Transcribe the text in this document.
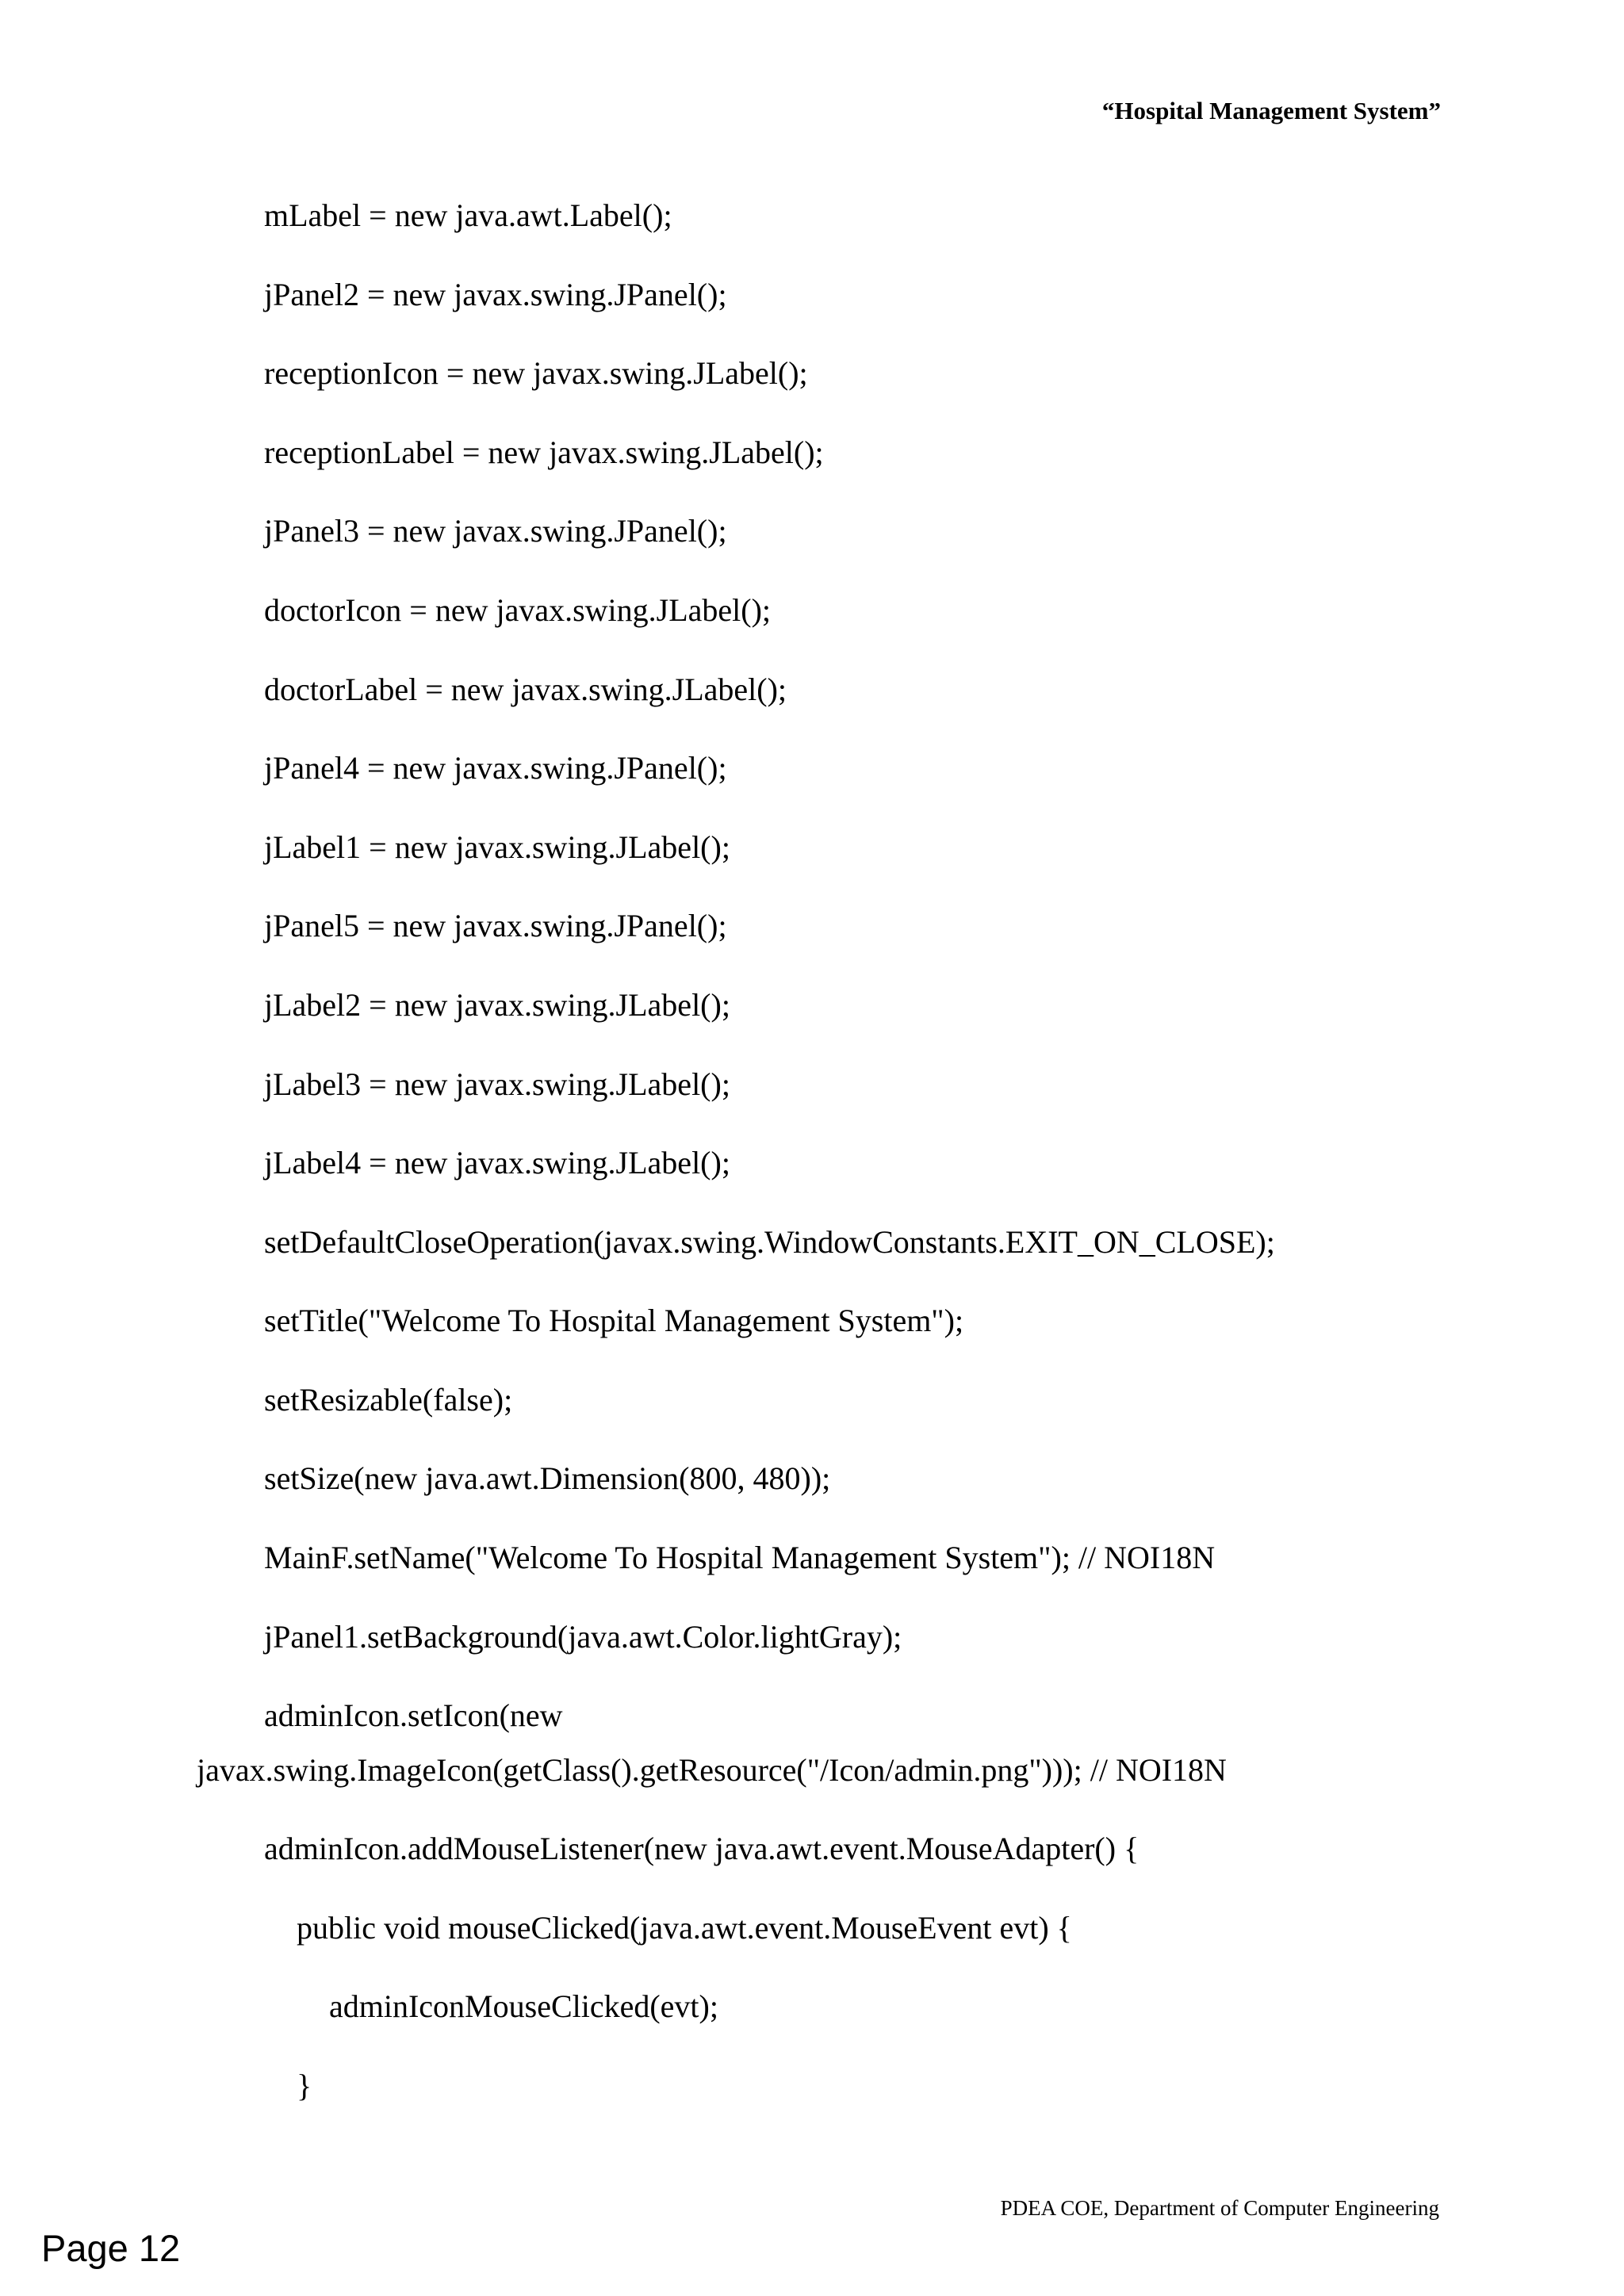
“Hospital Management System”
mLabel = new java.awt.Label();
jPanel2 = new javax.swing.JPanel();
receptionIcon = new javax.swing.JLabel();
receptionLabel = new javax.swing.JLabel();
jPanel3 = new javax.swing.JPanel();
doctorIcon = new javax.swing.JLabel();
doctorLabel = new javax.swing.JLabel();
jPanel4 = new javax.swing.JPanel();
jLabel1 = new javax.swing.JLabel();
jPanel5 = new javax.swing.JPanel();
jLabel2 = new javax.swing.JLabel();
jLabel3 = new javax.swing.JLabel();
jLabel4 = new javax.swing.JLabel();
setDefaultCloseOperation(javax.swing.WindowConstants.EXIT_ON_CLOSE);
setTitle("Welcome To Hospital Management System");
setResizable(false);
setSize(new java.awt.Dimension(800, 480));
MainF.setName("Welcome To Hospital Management System"); // NOI18N
jPanel1.setBackground(java.awt.Color.lightGray);
adminIcon.setIcon(new
javax.swing.ImageIcon(getClass().getResource("/Icon/admin.png"))); // NOI18N
adminIcon.addMouseListener(new java.awt.event.MouseAdapter() {
public void mouseClicked(java.awt.event.MouseEvent evt) {
adminIconMouseClicked(evt);
}
PDEA COE, Department of Computer Engineering
Page 12
